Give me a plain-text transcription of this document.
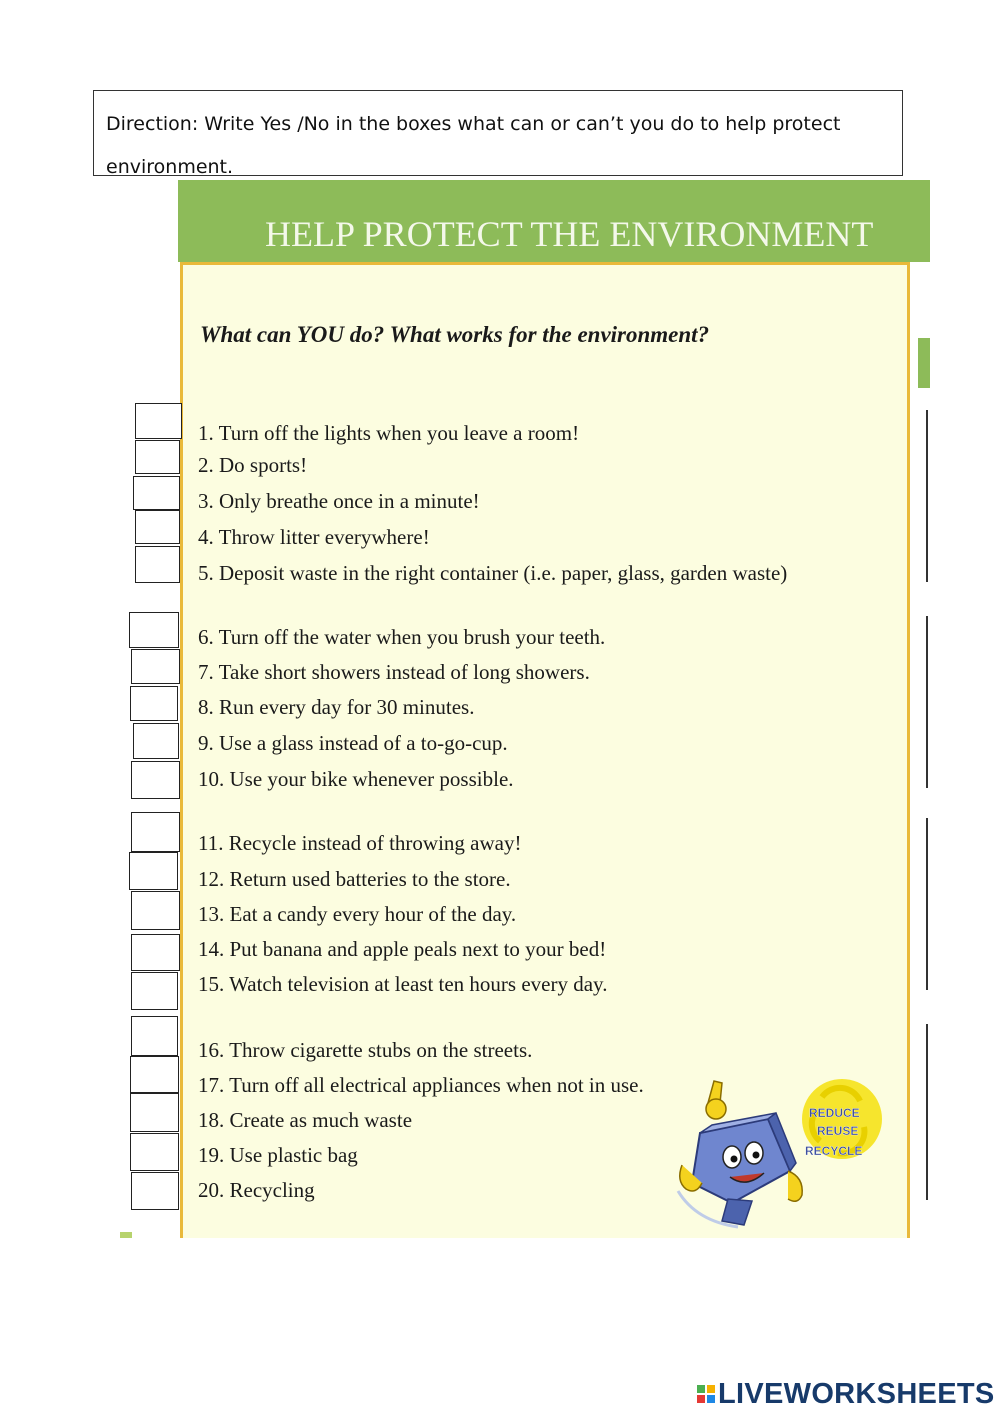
Direction: Write Yes /No in the boxes what can or can’t you do to help protect
environment.
HELP PROTECT THE ENVIRONMENT
What can YOU do? What works for the environment?
1. Turn off the lights when you leave a room!
2. Do sports!
3. Only breathe once in a minute!
4. Throw litter everywhere!
5. Deposit waste in the right container (i.e. paper, glass, garden waste)
6. Turn off the water when you brush your teeth.
7. Take short showers instead of long showers.
8. Run every day for 30 minutes.
9. Use a glass instead of a to-go-cup.
10. Use your bike whenever possible.
11. Recycle instead of throwing away!
12. Return used batteries to the store.
13. Eat a candy every hour of the day.
14. Put banana and apple peals next to your bed!
15. Watch television at least ten hours every day.
16. Throw cigarette stubs on the streets.
17. Turn off all electrical appliances when not in use.
18. Create as much waste
19. Use plastic bag
20. Recycling
REDUCE
REUSE
RECYCLE
LIVEWORKSHEETS
